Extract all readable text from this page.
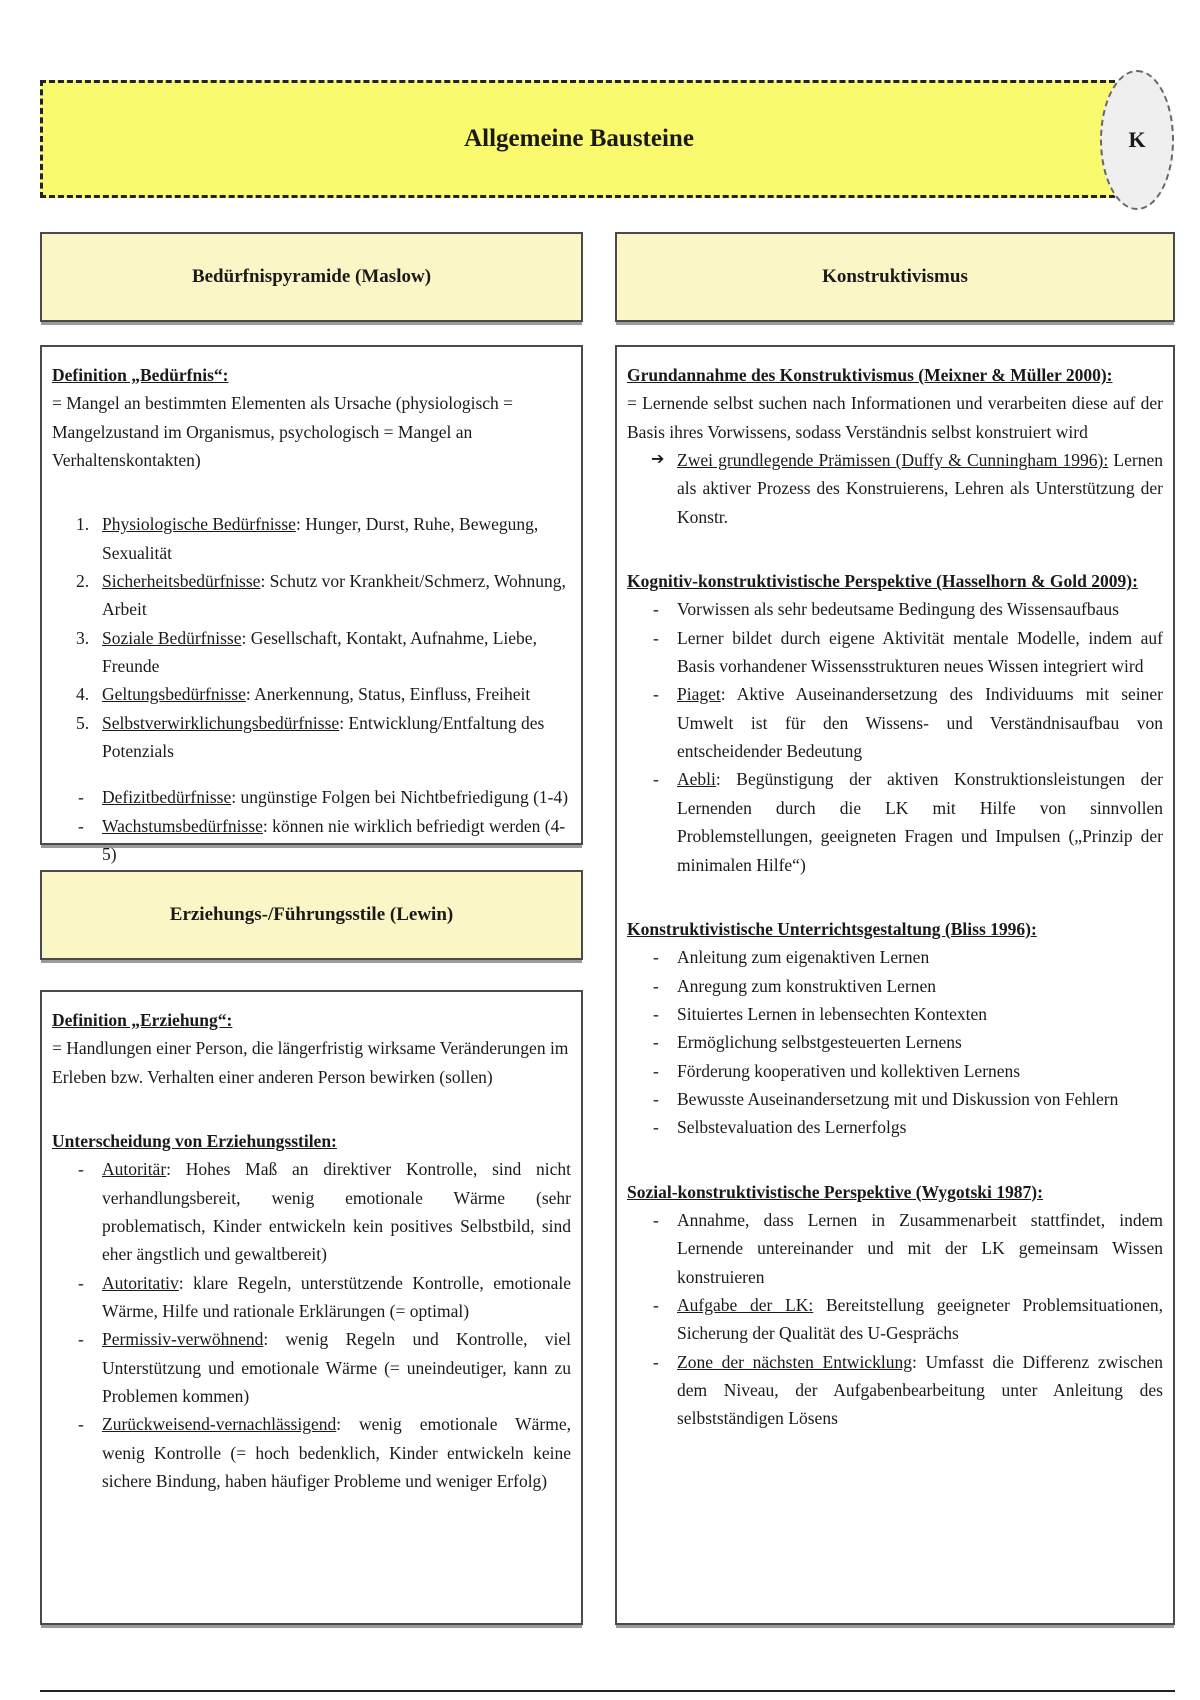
Allgemeine Bausteine	K
Bedürfnispyramide (Maslow)

Definition „Bedürfnis“:

= Mangel an bestimmten Elementen als Ursache (physiologisch = Mangelzustand im Organismus, psychologisch = Mangel an Verhaltenskontakten)

1. Physiologische Bedürfnisse: Hunger, Durst, Ruhe, Bewegung, Sexualität
2. Sicherheitsbedürfnisse: Schutz vor Krankheit/Schmerz, Wohnung, Arbeit
3. Soziale Bedürfnisse: Gesellschaft, Kontakt, Aufnahme, Liebe, Freunde
4. Geltungsbedürfnisse: Anerkennung, Status, Einfluss, Freiheit
5. Selbstverwirklichungsbedürfnisse: Entwicklung/Entfaltung des Potenzials
- Defizitbedürfnisse: ungünstige Folgen bei Nichtbefriedigung (1-4)
- Wachstumsbedürfnisse: können nie wirklich befriedigt werden (4-5)
Erziehungs-/Führungsstile (Lewin)

Definition „Erziehung“:

= Handlungen einer Person, die längerfristig wirksame Veränderungen im Erleben bzw. Verhalten einer anderen Person bewirken (sollen)

Unterscheidung von Erziehungsstilen:

- Autoritär: Hohes Maß an direktiver Kontrolle, sind nicht verhandlungsbereit, wenig emotionale Wärme (sehr problematisch, Kinder entwickeln kein positives Selbstbild, sind eher ängstlich und gewaltbereit)
- Autoritativ: klare Regeln, unterstützende Kontrolle, emotionale Wärme, Hilfe und rationale Erklärungen (= optimal)
- Permissiv-verwöhnend: wenig Regeln und Kontrolle, viel Unterstützung und emotionale Wärme (= uneindeutiger, kann zu Problemen kommen)
- Zurückweisend-vernachlässigend: wenig emotionale Wärme, wenig Kontrolle (= hoch bedenklich, Kinder entwickeln keine sichere Bindung, haben häufiger Probleme und weniger Erfolg)
Konstruktivismus

Grundannahme des Konstruktivismus (Meixner & Müller 2000):

= Lernende selbst suchen nach Informationen und verarbeiten diese auf der Basis ihres Vorwissens, sodass Verständnis selbst konstruiert wird

➔ Zwei grundlegende Prämissen (Duffy & Cunningham 1996): Lernen als aktiver Prozess des Konstruierens, Lehren als Unterstützung der Konstr.

Kognitiv-konstruktivistische Perspektive (Hasselhorn & Gold 2009):

- Vorwissen als sehr bedeutsame Bedingung des Wissensaufbaus
- Lerner bildet durch eigene Aktivität mentale Modelle, indem auf Basis vorhandener Wissensstrukturen neues Wissen integriert wird
- Piaget: Aktive Auseinandersetzung des Individuums mit seiner Umwelt ist für den Wissens- und Verständnisaufbau von entscheidender Bedeutung
- Aebli: Begünstigung der aktiven Konstruktionsleistungen der Lernenden durch die LK mit Hilfe von sinnvollen Problemstellungen, geeigneten Fragen und Impulsen („Prinzip der minimalen Hilfe“)

Konstruktivistische Unterrichtsgestaltung (Bliss 1996):

- Anleitung zum eigenaktiven Lernen
- Anregung zum konstruktiven Lernen
- Situiertes Lernen in lebensechten Kontexten
- Ermöglichung selbstgesteuerten Lernens
- Förderung kooperativen und kollektiven Lernens
- Bewusste Auseinandersetzung mit und Diskussion von Fehlern
- Selbstevaluation des Lernerfolgs

Sozial-konstruktivistische Perspektive (Wygotski 1987):

- Annahme, dass Lernen in Zusammenarbeit stattfindet, indem Lernende untereinander und mit der LK gemeinsam Wissen konstruieren
- Aufgabe der LK: Bereitstellung geeigneter Problemsituationen, Sicherung der Qualität des U-Gesprächs
- Zone der nächsten Entwicklung: Umfasst die Differenz zwischen dem Niveau, der Aufgabenbearbeitung unter Anleitung des selbstständigen Lösens
